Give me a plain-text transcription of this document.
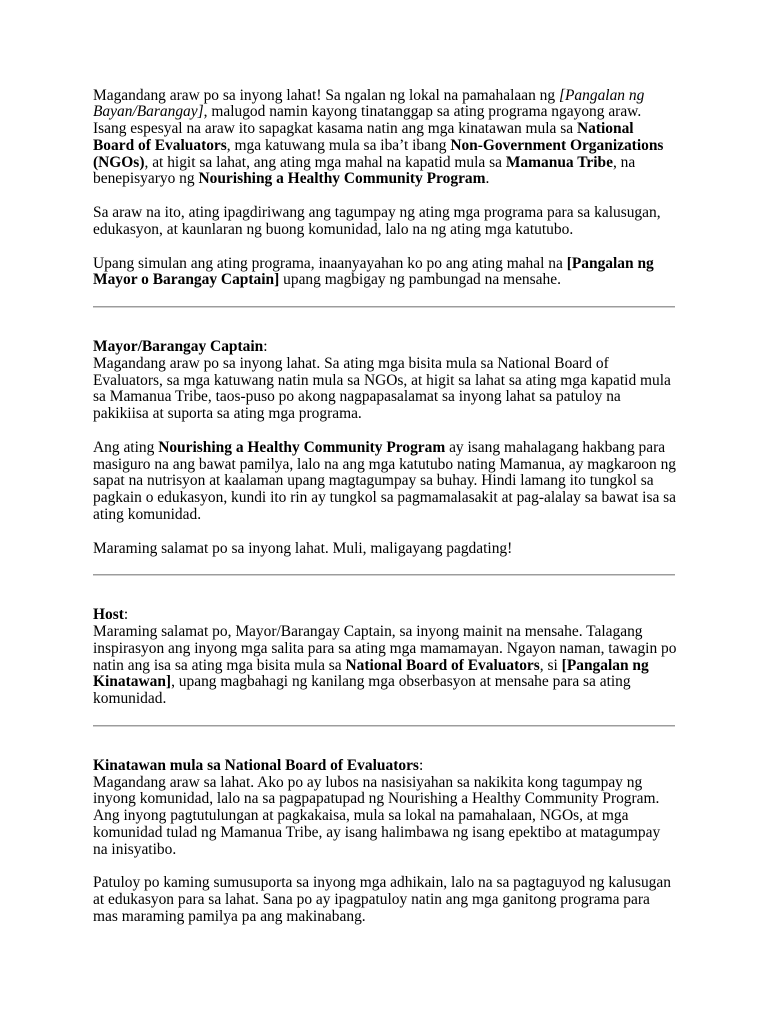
Magandang araw po sa inyong lahat! Sa ngalan ng lokal na pamahalaan ng [Pangalan ng Bayan/Barangay], malugod namin kayong tinatanggap sa ating programa ngayong araw. Isang espesyal na araw ito sapagkat kasama natin ang mga kinatawan mula sa National Board of Evaluators, mga katuwang mula sa iba’t ibang Non-Government Organizations (NGOs), at higit sa lahat, ang ating mga mahal na kapatid mula sa Mamanua Tribe, na benepisyaryo ng Nourishing a Healthy Community Program.

Sa araw na ito, ating ipagdiriwang ang tagumpay ng ating mga programa para sa kalusugan, edukasyon, at kaunlaran ng buong komunidad, lalo na ng ating mga katutubo.

Upang simulan ang ating programa, inaanyayahan ko po ang ating mahal na [Pangalan ng Mayor o Barangay Captain] upang magbigay ng pambungad na mensahe.

Mayor/Barangay Captain:

Magandang araw po sa inyong lahat. Sa ating mga bisita mula sa National Board of Evaluators, sa mga katuwang natin mula sa NGOs, at higit sa lahat sa ating mga kapatid mula sa Mamanua Tribe, taos-puso po akong nagpapasalamat sa inyong lahat sa patuloy na pakikiisa at suporta sa ating mga programa.

Ang ating Nourishing a Healthy Community Program ay isang mahalagang hakbang para masiguro na ang bawat pamilya, lalo na ang mga katutubo nating Mamanua, ay magkaroon ng sapat na nutrisyon at kaalaman upang magtagumpay sa buhay. Hindi lamang ito tungkol sa pagkain o edukasyon, kundi ito rin ay tungkol sa pagmamalasakit at pag-alalay sa bawat isa sa ating komunidad.

Maraming salamat po sa inyong lahat. Muli, maligayang pagdating!

Host:

Maraming salamat po, Mayor/Barangay Captain, sa inyong mainit na mensahe. Talagang inspirasyon ang inyong mga salita para sa ating mga mamamayan. Ngayon naman, tawagin po natin ang isa sa ating mga bisita mula sa National Board of Evaluators, si [Pangalan ng Kinatawan], upang magbahagi ng kanilang mga obserbasyon at mensahe para sa ating komunidad.

Kinatawan mula sa National Board of Evaluators:

Magandang araw sa lahat. Ako po ay lubos na nasisiyahan sa nakikita kong tagumpay ng inyong komunidad, lalo na sa pagpapatupad ng Nourishing a Healthy Community Program. Ang inyong pagtutulungan at pagkakaisa, mula sa lokal na pamahalaan, NGOs, at mga komunidad tulad ng Mamanua Tribe, ay isang halimbawa ng isang epektibo at matagumpay na inisyatibo.

Patuloy po kaming sumusuporta sa inyong mga adhikain, lalo na sa pagtaguyod ng kalusugan at edukasyon para sa lahat. Sana po ay ipagpatuloy natin ang mga ganitong programa para mas maraming pamilya pa ang makinabang.
